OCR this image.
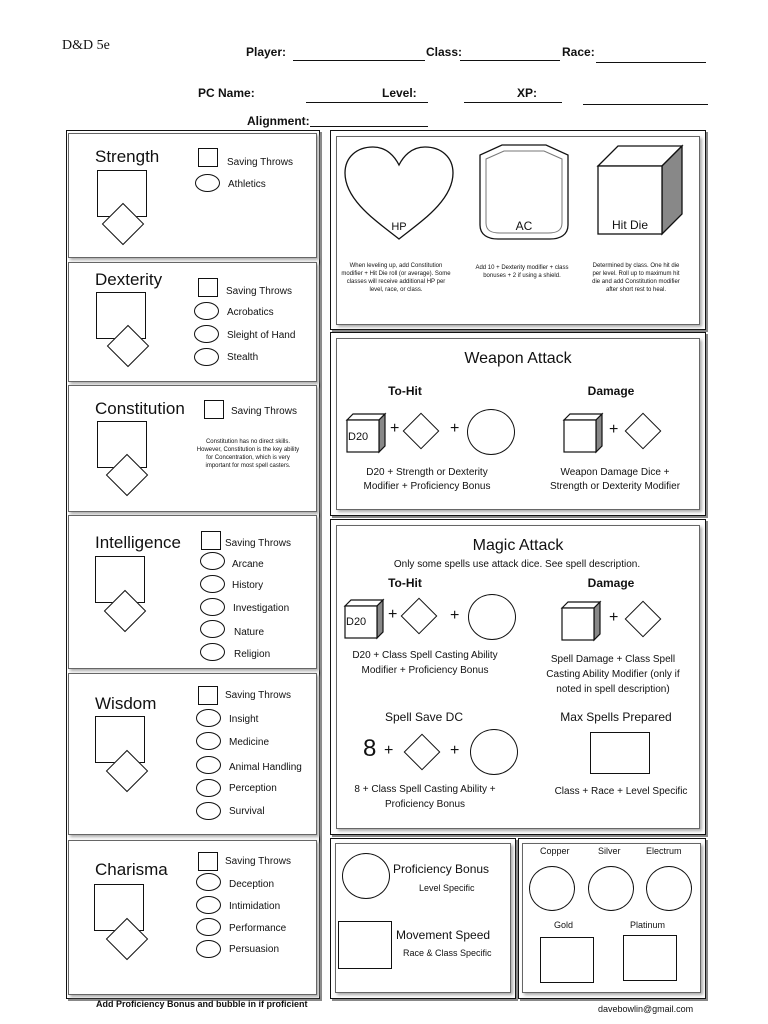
D&D 5e	Player:	Class:	Race:
PC Name:	Level:	XP:
Alignment:
Strength	Saving Throws
Athletics
Dexterity
Saving Throws
Acrobatics
Sleight of Hand
Stealth
Constitution	Saving Throws
Constitution has no direct skills. However, Constitution is the key ability for Concentration, which is very important for most spell casters.
Intelligence	Saving Throws
Arcane
History
Investigation
Nature
Religion
Wisdom	Saving Throws
Insight
Medicine
Animal Handling
Perception
Survival
Charisma	Saving Throws
Deception
Intimidation
Performance
Persuasion
Add Proficiency Bonus and bubble in if proficient
HP
When leveling up, add Constitution modifier + Hit Die roll (or average). Some classes will receive additional HP per level, race, or class.
AC
Add 10 + Dexterity modifier + class bonuses + 2 if using a shield.
Hit Die
Determined by class. One hit die per level. Roll up to maximum hit die and add Constitution modifier after short rest to heal.
Weapon Attack
To-Hit	Damage
D20 +	+
D20 + Strength or Dexterity Modifier + Proficiency Bonus
+
Weapon Damage Dice + Strength or Dexterity Modifier
Magic Attack
Only some spells use attack dice. See spell description.
To-Hit	Damage
D20 +	+
D20 + Class Spell Casting Ability Modifier + Proficiency Bonus
+
Spell Damage + Class Spell Casting Ability Modifier (only if noted in spell description)
Spell Save DC
8 +	+
8 + Class Spell Casting Ability + Proficiency Bonus
Max Spells Prepared
Class + Race + Level Specific
Proficiency Bonus
Level Specific
Movement Speed
Race & Class Specific
Copper	Silver	Electrum
Gold	Platinum
davebowlin@gmail.com
